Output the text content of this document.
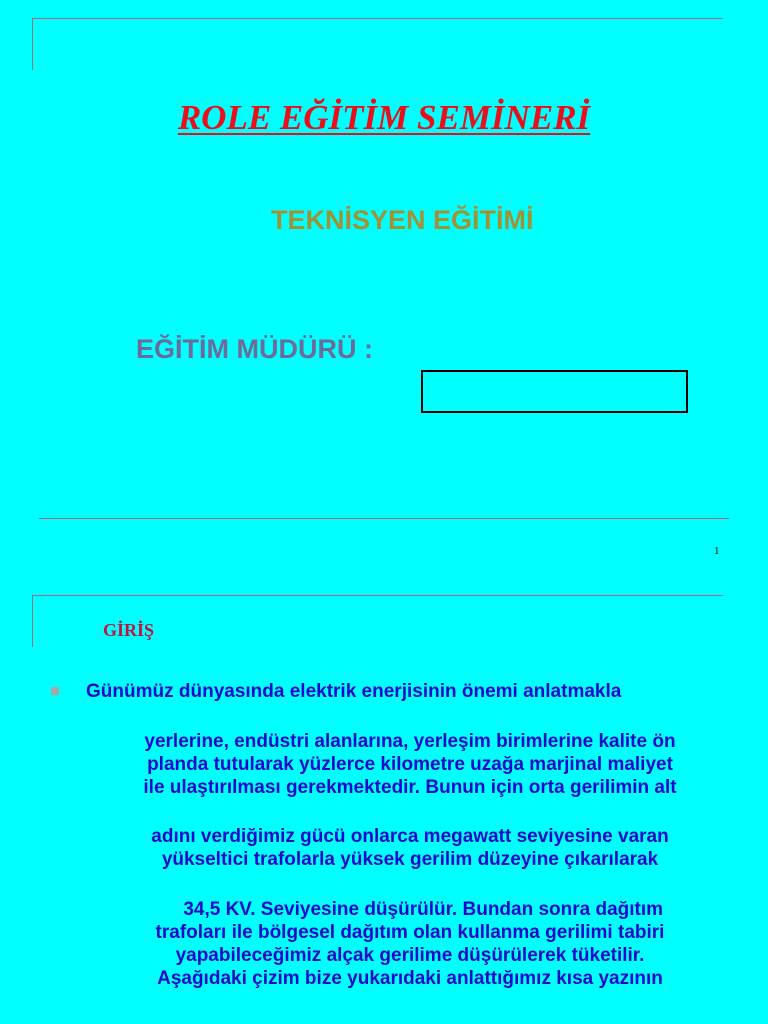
ROLE EĞİTİM SEMİNERİ
TEKNİSYEN EĞİTİMİ
EĞİTİM MÜDÜRÜ :
1
GİRİŞ
Günümüz dünyasında elektrik enerjisinin önemi anlatmakla
yerlerine, endüstri alanlarına, yerleşim birimlerine kalite ön
planda tutularak yüzlerce kilometre uzağa marjinal maliyet
ile ulaştırılması gerekmektedir. Bunun için orta gerilimin alt
adını verdiğimiz gücü onlarca megawatt seviyesine varan
yükseltici trafolarla yüksek gerilim düzeyine çıkarılarak
34,5 KV. Seviyesine düşürülür. Bundan sonra dağıtım
trafoları ile bölgesel dağıtım olan kullanma gerilimi tabiri
yapabileceğimiz alçak gerilime düşürülerek tüketilir.
Aşağıdaki çizim bize yukarıdaki anlattığımız kısa yazının
